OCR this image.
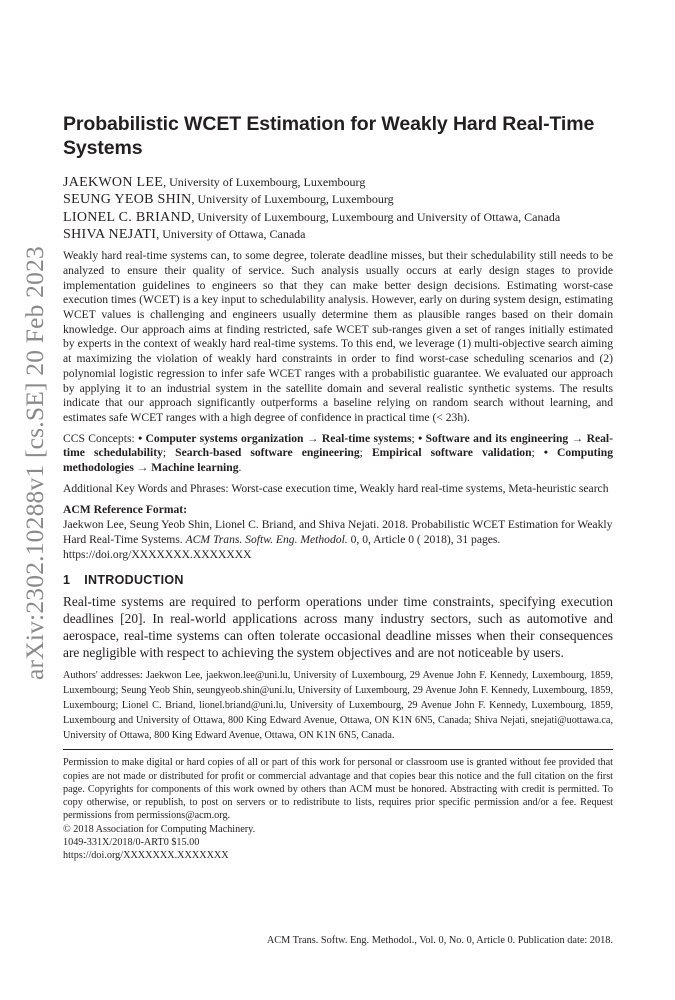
arXiv:2302.10288v1 [cs.SE] 20 Feb 2023
Probabilistic WCET Estimation for Weakly Hard Real-Time Systems
JAEKWON LEE, University of Luxembourg, Luxembourg
SEUNG YEOB SHIN, University of Luxembourg, Luxembourg
LIONEL C. BRIAND, University of Luxembourg, Luxembourg and University of Ottawa, Canada
SHIVA NEJATI, University of Ottawa, Canada

Weakly hard real-time systems can, to some degree, tolerate deadline misses, but their schedulability still needs to be analyzed to ensure their quality of service. Such analysis usually occurs at early design stages to provide implementation guidelines to engineers so that they can make better design decisions. Estimating worst-case execution times (WCET) is a key input to schedulability analysis. However, early on during system design, estimating WCET values is challenging and engineers usually determine them as plausible ranges based on their domain knowledge. Our approach aims at finding restricted, safe WCET sub-ranges given a set of ranges initially estimated by experts in the context of weakly hard real-time systems. To this end, we leverage (1) multi-objective search aiming at maximizing the violation of weakly hard constraints in order to find worst-case scheduling scenarios and (2) polynomial logistic regression to infer safe WCET ranges with a probabilistic guarantee. We evaluated our approach by applying it to an industrial system in the satellite domain and several realistic synthetic systems. The results indicate that our approach significantly outperforms a baseline relying on random search without learning, and estimates safe WCET ranges with a high degree of confidence in practical time (< 23h).

CCS Concepts: • Computer systems organization → Real-time systems; • Software and its engineering → Real-time schedulability; Search-based software engineering; Empirical software validation; • Computing methodologies → Machine learning.

Additional Key Words and Phrases: Worst-case execution time, Weakly hard real-time systems, Meta-heuristic search

ACM Reference Format:

Jaekwon Lee, Seung Yeob Shin, Lionel C. Briand, and Shiva Nejati. 2018. Probabilistic WCET Estimation for Weakly Hard Real-Time Systems. ACM Trans. Softw. Eng. Methodol. 0, 0, Article 0 ( 2018), 31 pages. https://doi.org/XXXXXXX.XXXXXXX

1 INTRODUCTION

Real-time systems are required to perform operations under time constraints, specifying execution deadlines [20]. In real-world applications across many industry sectors, such as automotive and aerospace, real-time systems can often tolerate occasional deadline misses when their consequences are negligible with respect to achieving the system objectives and are not noticeable by users.

Authors' addresses: Jaekwon Lee, jaekwon.lee@uni.lu, University of Luxembourg, 29 Avenue John F. Kennedy, Luxembourg, 1859, Luxembourg; Seung Yeob Shin, seungyeob.shin@uni.lu, University of Luxembourg, 29 Avenue John F. Kennedy, Luxembourg, 1859, Luxembourg; Lionel C. Briand, lionel.briand@uni.lu, University of Luxembourg, 29 Avenue John F. Kennedy, Luxembourg, 1859, Luxembourg and University of Ottawa, 800 King Edward Avenue, Ottawa, ON K1N 6N5, Canada; Shiva Nejati, snejati@uottawa.ca, University of Ottawa, 800 King Edward Avenue, Ottawa, ON K1N 6N5, Canada.

Permission to make digital or hard copies of all or part of this work for personal or classroom use is granted without fee provided that copies are not made or distributed for profit or commercial advantage and that copies bear this notice and the full citation on the first page. Copyrights for components of this work owned by others than ACM must be honored. Abstracting with credit is permitted. To copy otherwise, or republish, to post on servers or to redistribute to lists, requires prior specific permission and/or a fee. Request permissions from permissions@acm.org.

© 2018 Association for Computing Machinery.

1049-331X/2018/0-ART0 $15.00

https://doi.org/XXXXXXX.XXXXXXX

ACM Trans. Softw. Eng. Methodol., Vol. 0, No. 0, Article 0. Publication date: 2018.
